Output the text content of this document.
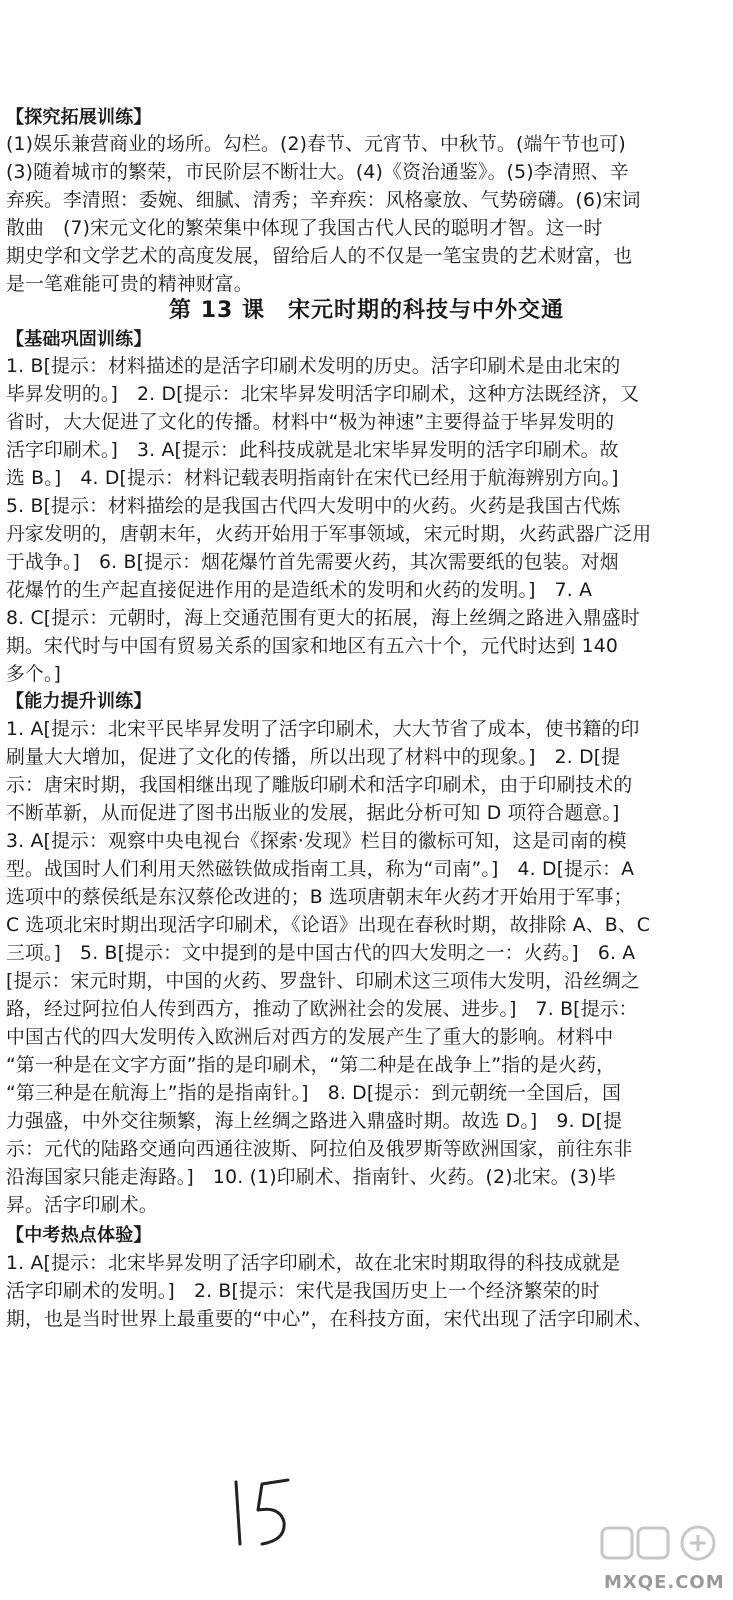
【探究拓展训练】
(1)娱乐兼营商业的场所。勾栏。(2)春节、元宵节、中秋节。(端午节也可)
(3)随着城市的繁荣，市民阶层不断壮大。(4)《资治通鉴》。(5)李清照、辛
弃疾。李清照：委婉、细腻、清秀；辛弃疾：风格豪放、气势磅礴。(6)宋词
散曲　(7)宋元文化的繁荣集中体现了我国古代人民的聪明才智。这一时
期史学和文学艺术的高度发展，留给后人的不仅是一笔宝贵的艺术财富，也
是一笔难能可贵的精神财富。
第 13 课　宋元时期的科技与中外交通
【基础巩固训练】
1. B[提示：材料描述的是活字印刷术发明的历史。活字印刷术是由北宋的
毕昇发明的。]　2. D[提示：北宋毕昇发明活字印刷术，这种方法既经济，又
省时，大大促进了文化的传播。材料中“极为神速”主要得益于毕昇发明的
活字印刷术。]　3. A[提示：此科技成就是北宋毕昇发明的活字印刷术。故
选 B。]　4. D[提示：材料记载表明指南针在宋代已经用于航海辨别方向。]
5. B[提示：材料描绘的是我国古代四大发明中的火药。火药是我国古代炼
丹家发明的，唐朝末年，火药开始用于军事领域，宋元时期，火药武器广泛用
于战争。]　6. B[提示：烟花爆竹首先需要火药，其次需要纸的包装。对烟
花爆竹的生产起直接促进作用的是造纸术的发明和火药的发明。]　7. A
8. C[提示：元朝时，海上交通范围有更大的拓展，海上丝绸之路进入鼎盛时
期。宋代时与中国有贸易关系的国家和地区有五六十个，元代时达到 140
多个。]
【能力提升训练】
1. A[提示：北宋平民毕昇发明了活字印刷术，大大节省了成本，使书籍的印
刷量大大增加，促进了文化的传播，所以出现了材料中的现象。]　2. D[提
示：唐宋时期，我国相继出现了雕版印刷术和活字印刷术，由于印刷技术的
不断革新，从而促进了图书出版业的发展，据此分析可知 D 项符合题意。]
3. A[提示：观察中央电视台《探索·发现》栏目的徽标可知，这是司南的模
型。战国时人们利用天然磁铁做成指南工具，称为“司南”。]　4. D[提示：A
选项中的蔡侯纸是东汉蔡伦改进的；B 选项唐朝末年火药才开始用于军事；
C 选项北宋时期出现活字印刷术，《论语》出现在春秋时期，故排除 A、B、C
三项。]　5. B[提示：文中提到的是中国古代的四大发明之一：火药。]　6. A
[提示：宋元时期，中国的火药、罗盘针、印刷术这三项伟大发明，沿丝绸之
路，经过阿拉伯人传到西方，推动了欧洲社会的发展、进步。]　7. B[提示：
中国古代的四大发明传入欧洲后对西方的发展产生了重大的影响。材料中
“第一种是在文字方面”指的是印刷术，“第二种是在战争上”指的是火药，
“第三种是在航海上”指的是指南针。]　8. D[提示：到元朝统一全国后，国
力强盛，中外交往频繁，海上丝绸之路进入鼎盛时期。故选 D。]　9. D[提
示：元代的陆路交通向西通往波斯、阿拉伯及俄罗斯等欧洲国家，前往东非
沿海国家只能走海路。]　10. (1)印刷术、指南针、火药。(2)北宋。(3)毕
昇。活字印刷术。
【中考热点体验】
1. A[提示：北宋毕昇发明了活字印刷术，故在北宋时期取得的科技成就是
活字印刷术的发明。]　2. B[提示：宋代是我国历史上一个经济繁荣的时
期，也是当时世界上最重要的“中心”，在科技方面，宋代出现了活字印刷术、
MXQE.COM
